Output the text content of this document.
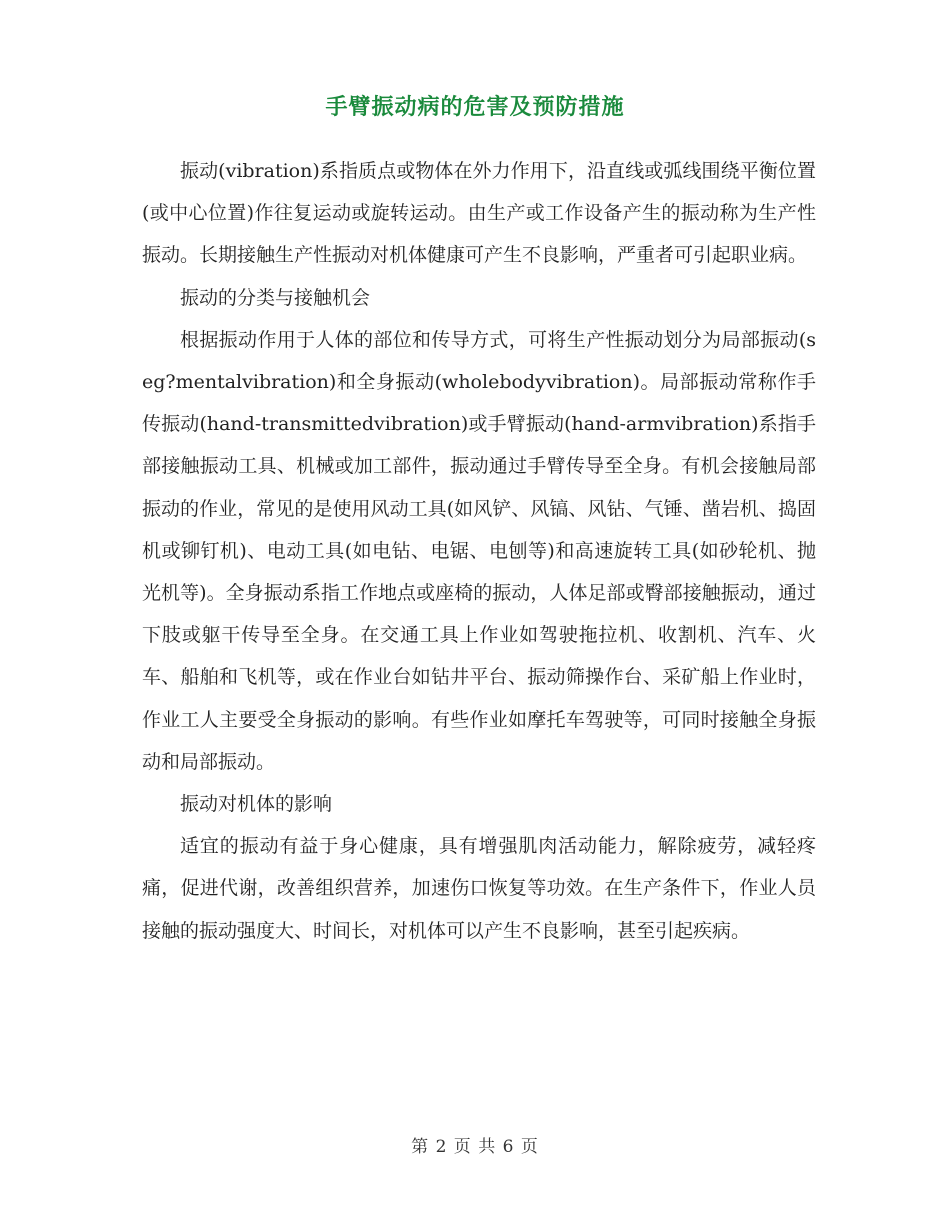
手臂振动病的危害及预防措施

振动(vibration)系指质点或物体在外力作用下，沿直线或弧线围绕平衡位置(或中心位置)作往复运动或旋转运动。由生产或工作设备产生的振动称为生产性振动。长期接触生产性振动对机体健康可产生不良影响，严重者可引起职业病。

振动的分类与接触机会

根据振动作用于人体的部位和传导方式，可将生产性振动划分为局部振动(seg?mentalvibration)和全身振动(wholebodyvibration)。局部振动常称作手传振动(hand-transmittedvibration)或手臂振动(hand-armvibration)系指手部接触振动工具、机械或加工部件，振动通过手臂传导至全身。有机会接触局部振动的作业，常见的是使用风动工具(如风铲、风镐、风钻、气锤、凿岩机、捣固机或铆钉机)、电动工具(如电钻、电锯、电刨等)和高速旋转工具(如砂轮机、抛光机等)。全身振动系指工作地点或座椅的振动，人体足部或臀部接触振动，通过下肢或躯干传导至全身。在交通工具上作业如驾驶拖拉机、收割机、汽车、火车、船舶和飞机等，或在作业台如钻井平台、振动筛操作台、采矿船上作业时，作业工人主要受全身振动的影响。有些作业如摩托车驾驶等，可同时接触全身振动和局部振动。

振动对机体的影响

适宜的振动有益于身心健康，具有增强肌肉活动能力，解除疲劳，减轻疼痛，促进代谢，改善组织营养，加速伤口恢复等功效。在生产条件下，作业人员接触的振动强度大、时间长，对机体可以产生不良影响，甚至引起疾病。

第 2 页 共 6 页
